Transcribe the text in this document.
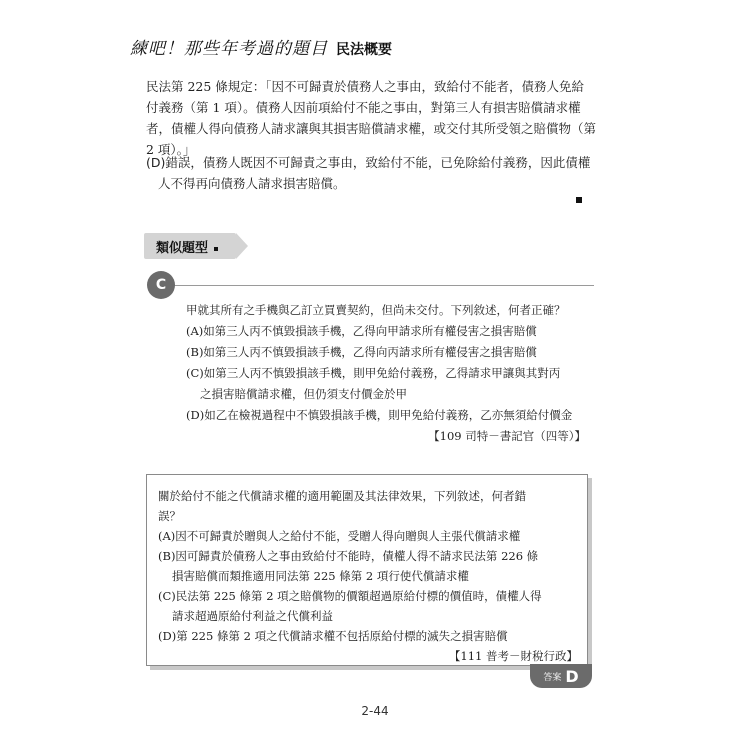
練吧！那些年考過的題目 民法概要
民法第 225 條規定：「因不可歸責於債務人之事由，致給付不能者，債務人免給
付義務（第 1 項）。債務人因前項給付不能之事由，對第三人有損害賠償請求權
者，債權人得向債務人請求讓與其損害賠償請求權，或交付其所受領之賠償物（第
2 項）。」
(D)錯誤，債務人既因不可歸責之事由，致給付不能，已免除給付義務，因此債權
人不得再向債務人請求損害賠償。
類似題型
C
甲就其所有之手機與乙訂立買賣契約，但尚未交付。下列敘述，何者正確？
(A)如第三人丙不慎毀損該手機，乙得向甲請求所有權侵害之損害賠償
(B)如第三人丙不慎毀損該手機，乙得向丙請求所有權侵害之損害賠償
(C)如第三人丙不慎毀損該手機，則甲免給付義務，乙得請求甲讓與其對丙
之損害賠償請求權，但仍須支付價金於甲
(D)如乙在檢視過程中不慎毀損該手機，則甲免給付義務，乙亦無須給付價金
【109 司特－書記官（四等）】
關於給付不能之代償請求權的適用範圍及其法律效果，下列敘述，何者錯
誤？
(A)因不可歸責於贈與人之給付不能，受贈人得向贈與人主張代償請求權
(B)因可歸責於債務人之事由致給付不能時，債權人得不請求民法第 226 條
損害賠償而類推適用同法第 225 條第 2 項行使代償請求權
(C)民法第 225 條第 2 項之賠償物的價額超過原給付標的價值時，債權人得
請求超過原給付利益之代償利益
(D)第 225 條第 2 項之代償請求權不包括原給付標的滅失之損害賠償
【111 普考－財稅行政】
答案 D
2-44
